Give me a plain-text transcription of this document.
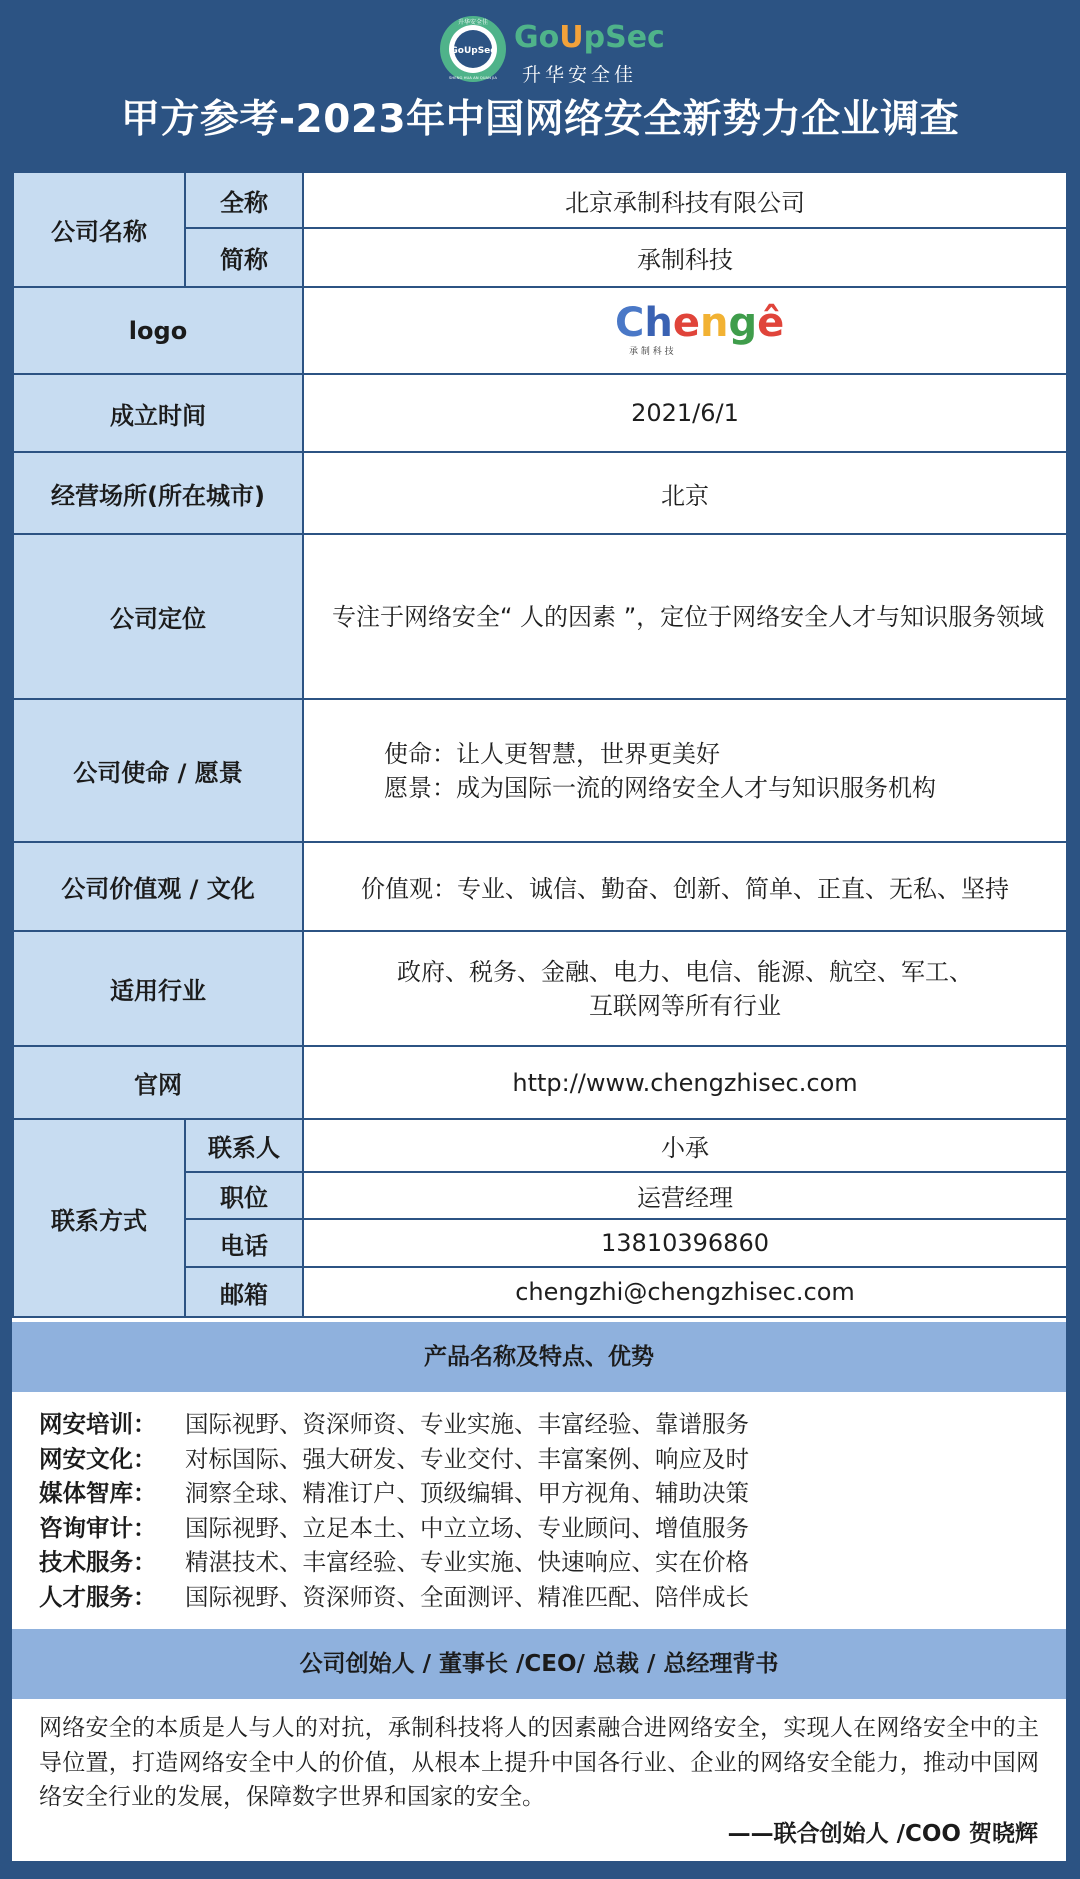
GoUpSec
升华安全佳
SHENG HUA AN QUAN JIA
GoUpSec
升华安全佳
甲方参考-2023年中国网络安全新势力企业调查
公司名称	全称	北京承制科技有限公司
	简称	承制科技
logo		Chengê
承 制 科 技

成立时间		2021/6/1
经营场所(所在城市)		北京
公司定位		专注于网络安全“ 人的因素 ”，定位于网络安全人才与知识服务领域
公司使命 / 愿景		使命：让人更智慧，世界更美好
愿景：成为国际一流的网络安全人才与知识服务机构

公司价值观 / 文化		价值观：专业、诚信、勤奋、创新、简单、正直、无私、坚持
适用行业		政府、税务、金融、电力、电信、能源、航空、军工、
互联网等所有行业

官网		http://www.chengzhisec.com
联系方式	联系人	小承
	职位	运营经理
	电话	13810396860
	邮箱	chengzhi@chengzhisec.com
产品名称及特点、优势
网安培训： 国际视野、资深师资、专业实施、丰富经验、靠谱服务
网安文化： 对标国际、强大研发、专业交付、丰富案例、响应及时
媒体智库： 洞察全球、精准订户、顶级编辑、甲方视角、辅助决策
咨询审计： 国际视野、立足本土、中立立场、专业顾问、增值服务
技术服务： 精湛技术、丰富经验、专业实施、快速响应、实在价格
人才服务： 国际视野、资深师资、全面测评、精准匹配、陪伴成长
公司创始人 / 董事长 /CEO/ 总裁 / 总经理背书
网络安全的本质是人与人的对抗，承制科技将人的因素融合进网络安全，实现人在网络安全中的主导位置，打造网络安全中人的价值，从根本上提升中国各行业、企业的网络安全能力，推动中国网络安全行业的发展，保障数字世界和国家的安全。
——联合创始人 /COO 贺晓辉
